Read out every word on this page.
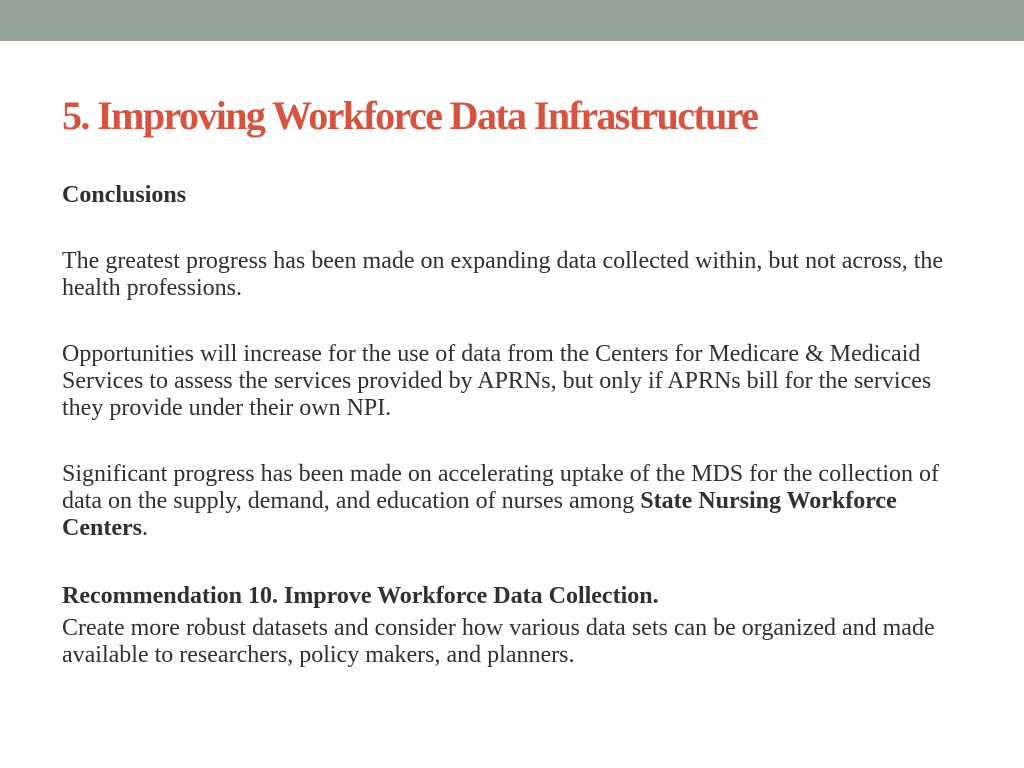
5. Improving Workforce Data Infrastructure

Conclusions

The greatest progress has been made on expanding data collected within, but not across, the health professions.

Opportunities will increase for the use of data from the Centers for Medicare & Medicaid Services to assess the services provided by APRNs, but only if APRNs bill for the services they provide under their own NPI.

Significant progress has been made on accelerating uptake of the MDS for the collection of data on the supply, demand, and education of nurses among State Nursing Workforce Centers.

Recommendation 10. Improve Workforce Data Collection.

Create more robust datasets and consider how various data sets can be organized and made available to researchers, policy makers, and planners.
